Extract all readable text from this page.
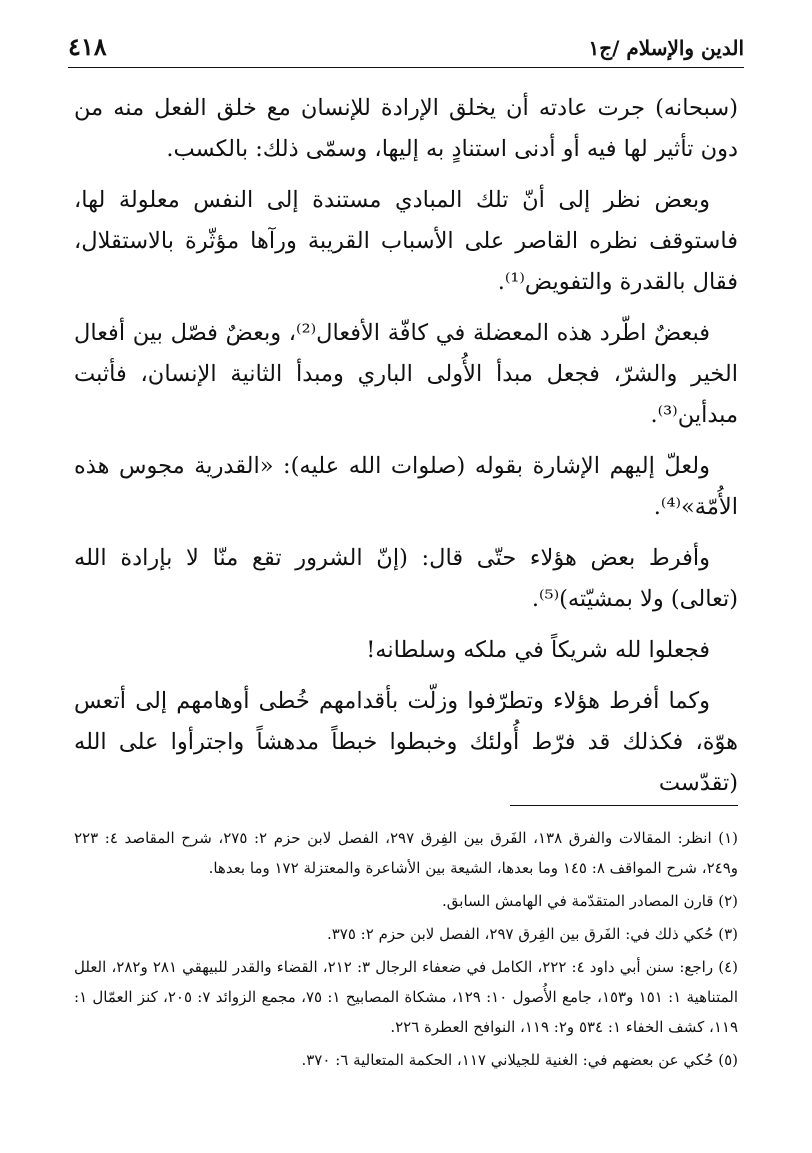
الدين والإسلام /ج١
٤١٨

(سبحانه) جرت عادته أن يخلق الإرادة للإنسان مع خلق الفعل منه من دون تأثير لها فيه أو أدنى استنادٍ به إليها، وسمّى ذلك: بالكسب.

وبعض نظر إلى أنّ تلك المبادي مستندة إلى النفس معلولة لها، فاستوقف نظره القاصر على الأسباب القريبة ورآها مؤثّرة بالاستقلال، فقال بالقدرة والتفويض⁽¹⁾.

فبعضٌ اطّرد هذه المعضلة في كافّة الأفعال⁽²⁾، وبعضٌ فصّل بين أفعال الخير والشرّ، فجعل مبدأ الأُولى الباري ومبدأ الثانية الإنسان، فأثبت مبدأين⁽³⁾.

ولعلّ إليهم الإشارة بقوله (صلوات الله عليه): «القدرية مجوس هذه الأُمّة»⁽⁴⁾.

وأفرط بعض هؤلاء حتّى قال: (إنّ الشرور تقع منّا لا بإرادة الله (تعالى) ولا بمشيّته)⁽⁵⁾.

فجعلوا لله شريكاً في ملكه وسلطانه!

وكما أفرط هؤلاء وتطرّفوا وزلّت بأقدامهم خُطى أوهامهم إلى أتعس هوّة، فكذلك قد فرّط أُولئك وخبطوا خبطاً مدهشاً واجترأوا على الله (تقدّست

(١) انظر: المقالات والفرق ١٣٨، الفَرق بين الفِرق ٢٩٧، الفصل لابن حزم ٢: ٢٧٥، شرح المقاصد ٤: ٢٢٣ و٢٤٩، شرح المواقف ٨: ١٤٥ وما بعدها، الشيعة بين الأشاعرة والمعتزلة ١٧٢ وما بعدها.

(٢) قارن المصادر المتقدّمة في الهامش السابق.

(٣) حُكي ذلك في: الفَرق بين الفِرق ٢٩٧، الفصل لابن حزم ٢: ٣٧٥.

(٤) راجع: سنن أبي داود ٤: ٢٢٢، الكامل في ضعفاء الرجال ٣: ٢١٢، القضاء والقدر للبيهقي ٢٨١ و٢٨٢، العلل المتناهية ١: ١٥١ و١٥٣، جامع الأُصول ١٠: ١٢٩، مشكاة المصابيح ١: ٧٥، مجمع الزوائد ٧: ٢٠٥، كنز العمّال ١: ١١٩، كشف الخفاء ١: ٥٣٤ و٢: ١١٩، النوافح العطرة ٢٢٦.

(٥) حُكي عن بعضهم في: الغنية للجيلاني ١١٧، الحكمة المتعالية ٦: ٣٧٠.
